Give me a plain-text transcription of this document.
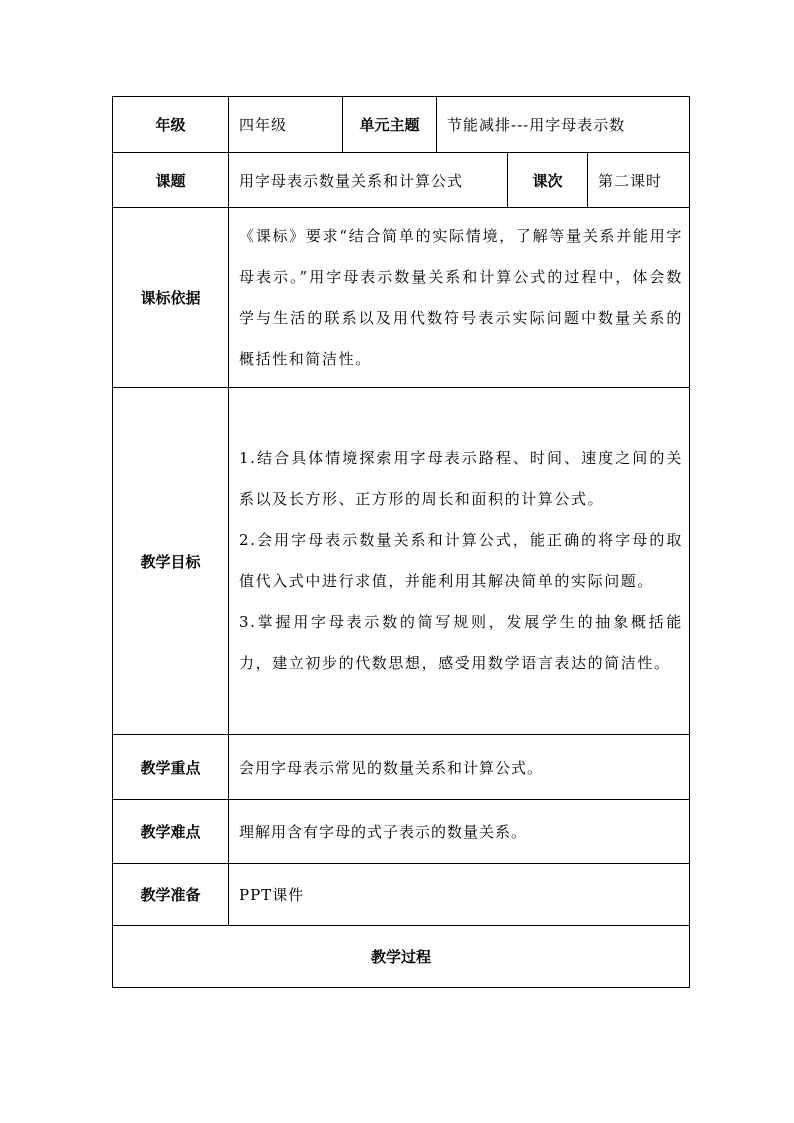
年级	四年级	单元主题	节能减排---用字母表示数		
课题	用字母表示数量关系和计算公式			课次	第二课时
课标依据	《课标》要求“结合简单的实际情境，了解等量关系并能用字母表示。”用字母表示数量关系和计算公式的过程中，体会数学与生活的联系以及用代数符号表示实际问题中数量关系的概括性和简洁性。				

教学目标	1.结合具体情境探索用字母表示路程、时间、速度之间的关系以及长方形、正方形的周长和面积的计算公式。

2.会用字母表示数量关系和计算公式，能正确的将字母的取值代入式中进行求值，并能利用其解决简单的实际问题。

3.掌握用字母表示数的简写规则，发展学生的抽象概括能力，建立初步的代数思想，感受用数学语言表达的简洁性。				

教学重点	会用字母表示常见的数量关系和计算公式。				
教学难点	理解用含有字母的式子表示的数量关系。				
教学准备	PPT课件				
教学过程					
